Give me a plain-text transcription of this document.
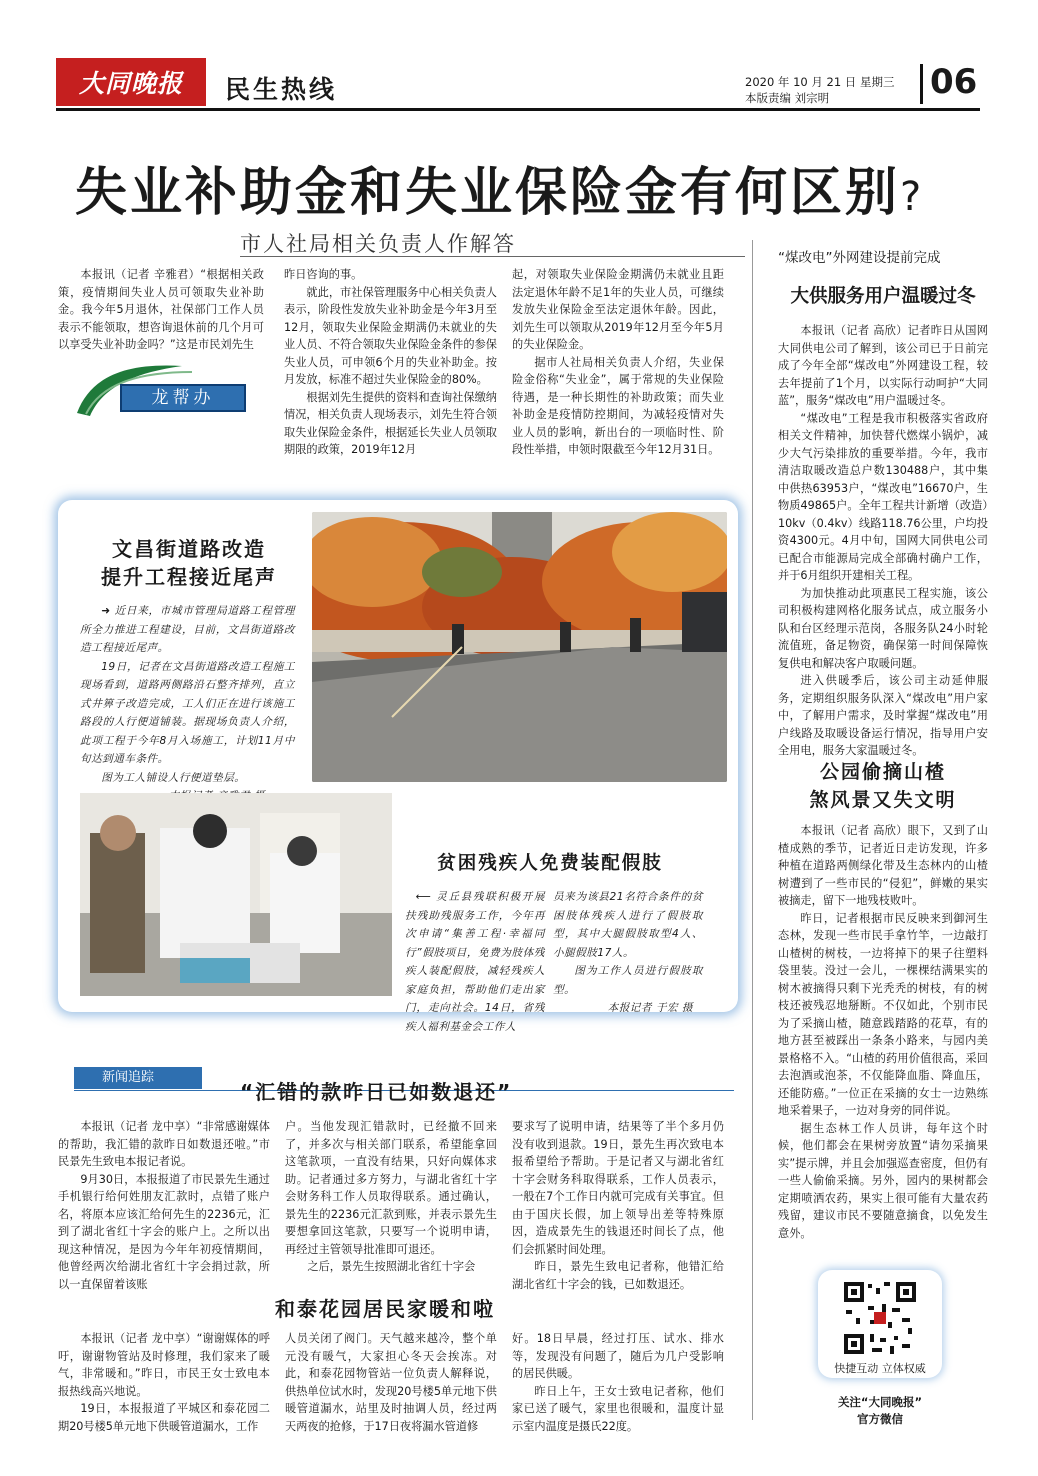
大同晚报	民生热线	2020 年 10 月 21 日 星期三
本版责编 刘宗明	06
失业补助金和失业保险金有何区别?
市人社局相关负责人作解答

本报讯（记者 辛雅君）“根据相关政策，疫情期间失业人员可领取失业补助金。我今年5月退休，社保部门工作人员表示不能领取，想咨询退休前的几个月可以享受失业补助金吗？”这是市民刘先生

龙帮办

昨日咨询的事。

就此，市社保管理服务中心相关负责人表示，阶段性发放失业补助金是今年3月至12月，领取失业保险金期满仍未就业的失业人员、不符合领取失业保险金条件的参保失业人员，可申领6个月的失业补助金。按月发放，标准不超过失业保险金的80%。

根据刘先生提供的资料和查询社保缴纳情况，相关负责人现场表示，刘先生符合领取失业保险金条件，根据延长失业人员领取期限的政策，2019年12月

起，对领取失业保险金期满仍未就业且距法定退休年龄不足1年的失业人员，可继续发放失业保险金至法定退休年龄。因此，刘先生可以领取从2019年12月至今年5月的失业保险金。

据市人社局相关负责人介绍，失业保险金俗称“失业金”，属于常规的失业保险待遇，是一种长期性的补助政策；而失业补助金是疫情防控期间，为减轻疫情对失业人员的影响，新出台的一项临时性、阶段性举措，申领时限截至今年12月31日。

文昌街道路改造
提升工程接近尾声
➜ 近日来，市城市管理局道路工程管理所全力推进工程建设，目前，文昌街道路改造工程接近尾声。
19日，记者在文昌街道路改造工程施工现场看到，道路两侧路沿石整齐排列，直立式井箅子改造完成，工人们正在进行该施工路段的人行便道铺装。据现场负责人介绍，此项工程于今年8月入场施工，计划11月中旬达到通车条件。
图为工人铺设人行便道垫层。
贫困残疾人免费装配假肢
⟵ 灵丘县残联积极开展扶残助残服务工作，今年再次申请“集善工程·幸福同行”假肢项目，免费为肢体残疾人装配假肢，减轻残疾人家庭负担，帮助他们走出家门，走向社会。14日，省残疾人福利基金会工作人
员来为该县21名符合条件的贫困肢体残疾人进行了假肢取型，其中大腿假肢取型4人、小腿假肢17人。
图为工作人员进行假肢取型。
本报记者 于宏 摄
新闻追踪
“汇错的款昨日已如数退还”

本报讯（记者 龙中享）“非常感谢媒体的帮助，我汇错的款昨日如数退还啦。”市民景先生致电本报记者说。

9月30日，本报报道了市民景先生通过手机银行给何姓朋友汇款时，点错了账户名，将原本应该汇给何先生的2236元，汇到了湖北省红十字会的账户上。之所以出现这种情况，是因为今年年初疫情期间，他曾经两次给湖北省红十字会捐过款，所以一直保留着该账

户。当他发现汇错款时，已经撤不回来了，并多次与相关部门联系，希望能拿回这笔款项，一直没有结果，只好向媒体求助。记者通过多方努力，与湖北省红十字会财务科工作人员取得联系。通过确认，景先生的2236元汇款到账，并表示景先生要想拿回这笔款，只要写一个说明申请，再经过主管领导批准即可退还。

之后，景先生按照湖北省红十字会

要求写了说明申请，结果等了半个多月仍没有收到退款。19日，景先生再次致电本报希望给予帮助。于是记者又与湖北省红十字会财务科取得联系，工作人员表示，一般在7个工作日内就可完成有关事宜。但由于国庆长假，加上领导出差等特殊原因，造成景先生的钱退还时间长了点，他们会抓紧时间处理。

昨日，景先生致电记者称，他错汇给湖北省红十字会的钱，已如数退还。

和泰花园居民家暖和啦

本报讯（记者 龙中享）“谢谢媒体的呼吁，谢谢物管站及时修理，我们家来了暖气，非常暖和。”昨日，市民王女士致电本报热线高兴地说。

19日，本报报道了平城区和泰花园二期20号楼5单元地下供暖管道漏水，工作

人员关闭了阀门。天气越来越冷，整个单元没有暖气，大家担心冬天会挨冻。对此，和泰花园物管站一位负责人解释说，供热单位试水时，发现20号楼5单元地下供暖管道漏水，站里及时抽调人员，经过两天两夜的抢修，于17日夜将漏水管道修

好。18日早晨，经过打压、试水、排水等，发现没有问题了，随后为几户受影响的居民供暖。

昨日上午，王女士致电记者称，他们家已送了暖气，家里也很暖和，温度计显示室内温度是摄氏22度。

“煤改电”外网建设提前完成
大供服务用户温暖过冬

本报讯（记者 高欣）记者昨日从国网大同供电公司了解到，该公司已于日前完成了今年全部“煤改电”外网建设工程，较去年提前了1个月，以实际行动呵护“大同蓝”，服务“煤改电”用户温暖过冬。

“煤改电”工程是我市积极落实省政府相关文件精神，加快替代燃煤小锅炉，减少大气污染排放的重要举措。今年，我市清洁取暖改造总户数130488户，其中集中供热63953户，“煤改电”16670户，生物质49865户。全年工程共计新增（改造）10kv（0.4kv）线路118.76公里，户均投资4300元。4月中旬，国网大同供电公司已配合市能源局完成全部确村确户工作，并于6月组织开建相关工程。

为加快推动此项惠民工程实施，该公司积极构建网格化服务试点，成立服务小队和台区经理示范岗，各服务队24小时轮流值班，备足物资，确保第一时间保障恢复供电和解决客户取暖问题。

进入供暖季后，该公司主动延伸服务，定期组织服务队深入“煤改电”用户家中，了解用户需求，及时掌握“煤改电”用户线路及取暖设备运行情况，指导用户安全用电，服务大家温暖过冬。

公园偷摘山楂
煞风景又失文明

本报讯（记者 高欣）眼下，又到了山楂成熟的季节，记者近日走访发现，许多种植在道路两侧绿化带及生态林内的山楂树遭到了一些市民的“侵犯”，鲜嫩的果实被摘走，留下一地残枝败叶。

昨日，记者根据市民反映来到御河生态林，发现一些市民手拿竹竿，一边敲打山楂树的树枝，一边将掉下的果子往塑料袋里装。没过一会儿，一棵棵结满果实的树木被摘得只剩下光秃秃的树枝，有的树枝还被残忍地掰断。不仅如此，个别市民为了采摘山楂，随意践踏路的花草，有的地方甚至被踩出一条条小路来，与园内美景格格不入。“山楂的药用价值很高，采回去泡酒或泡茶，不仅能降血脂、降血压，还能防癌。”一位正在采摘的女士一边熟练地采着果子，一边对身旁的同伴说。

据生态林工作人员讲，每年这个时候，他们都会在果树旁放置“请勿采摘果实”提示牌，并且会加强巡查密度，但仍有一些人偷偷采摘。另外，园内的果树都会定期喷洒农药，果实上很可能有大量农药残留，建议市民不要随意摘食，以免发生意外。

快捷互动 立体权威
关注“大同晚报”
官方微信
